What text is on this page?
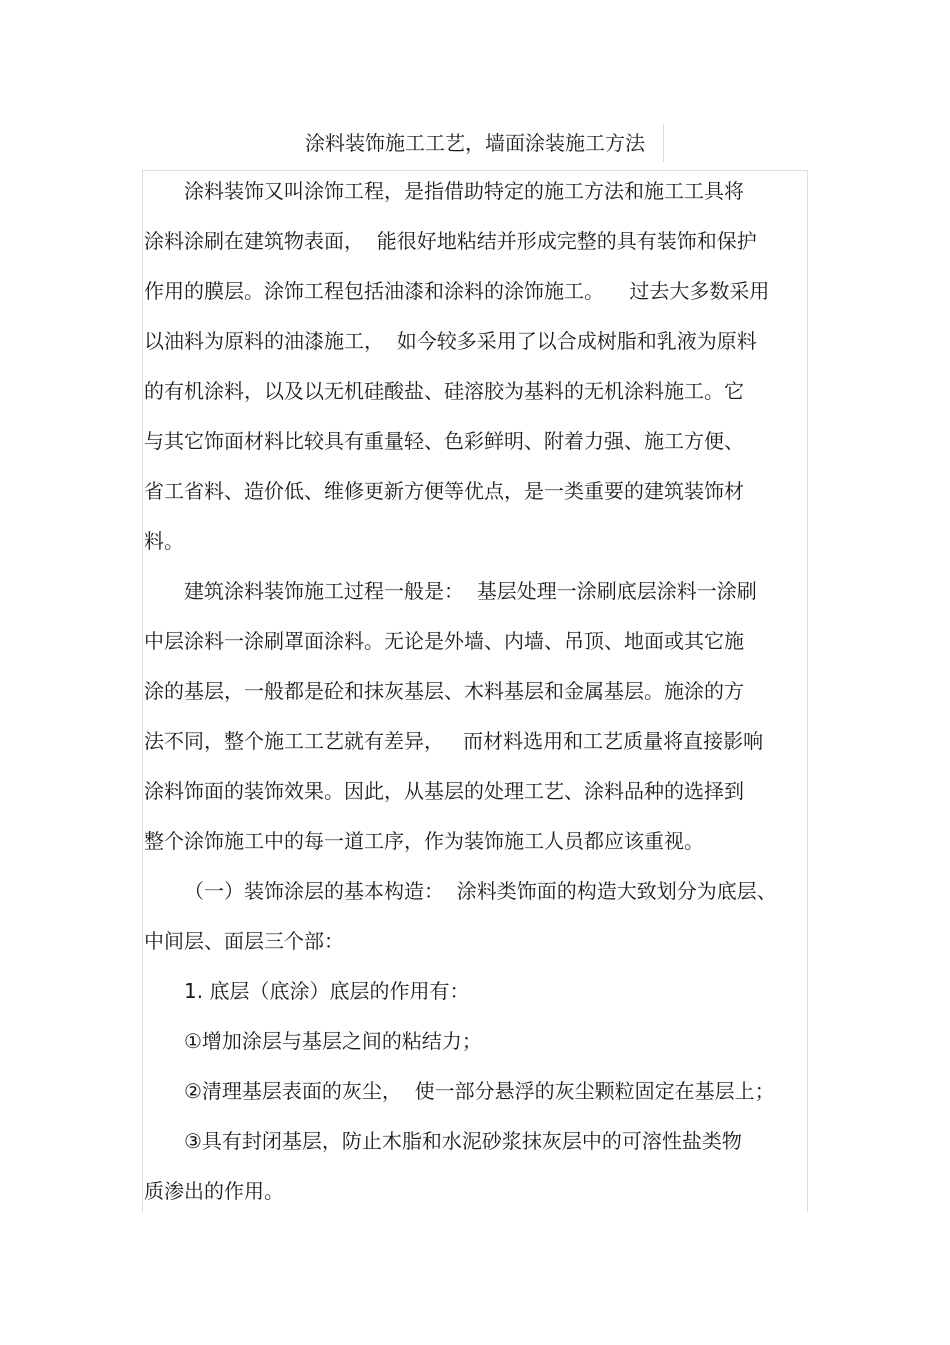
涂料装饰施工工艺，墙面涂装施工方法
涂料装饰又叫涂饰工程，是指借助特定的施工方法和施工工具将
涂料涂刷在建筑物表面，  能很好地粘结并形成完整的具有装饰和保护
作用的膜层。涂饰工程包括油漆和涂料的涂饰施工。    过去大多数采用
以油料为原料的油漆施工，  如今较多采用了以合成树脂和乳液为原料
的有机涂料，以及以无机硅酸盐、硅溶胶为基料的无机涂料施工。它
与其它饰面材料比较具有重量轻、色彩鲜明、附着力强、施工方便、
省工省料、造价低、维修更新方便等优点，是一类重要的建筑装饰材
料。
建筑涂料装饰施工过程一般是：  基层处理一涂刷底层涂料一涂刷
中层涂料一涂刷罩面涂料。无论是外墙、内墙、吊顶、地面或其它施
涂的基层，一般都是砼和抹灰基层、木料基层和金属基层。施涂的方
法不同，整个施工工艺就有差异，   而材料选用和工艺质量将直接影响
涂料饰面的装饰效果。因此，从基层的处理工艺、涂料品种的选择到
整个涂饰施工中的每一道工序，作为装饰施工人员都应该重视。
（一）装饰涂层的基本构造：  涂料类饰面的构造大致划分为底层、
中间层、面层三个部：
1. 底层（底涂）底层的作用有：
①增加涂层与基层之间的粘结力；
②清理基层表面的灰尘，  使一部分悬浮的灰尘颗粒固定在基层上；
③具有封闭基层，防止木脂和水泥砂浆抹灰层中的可溶性盐类物
质渗出的作用。
